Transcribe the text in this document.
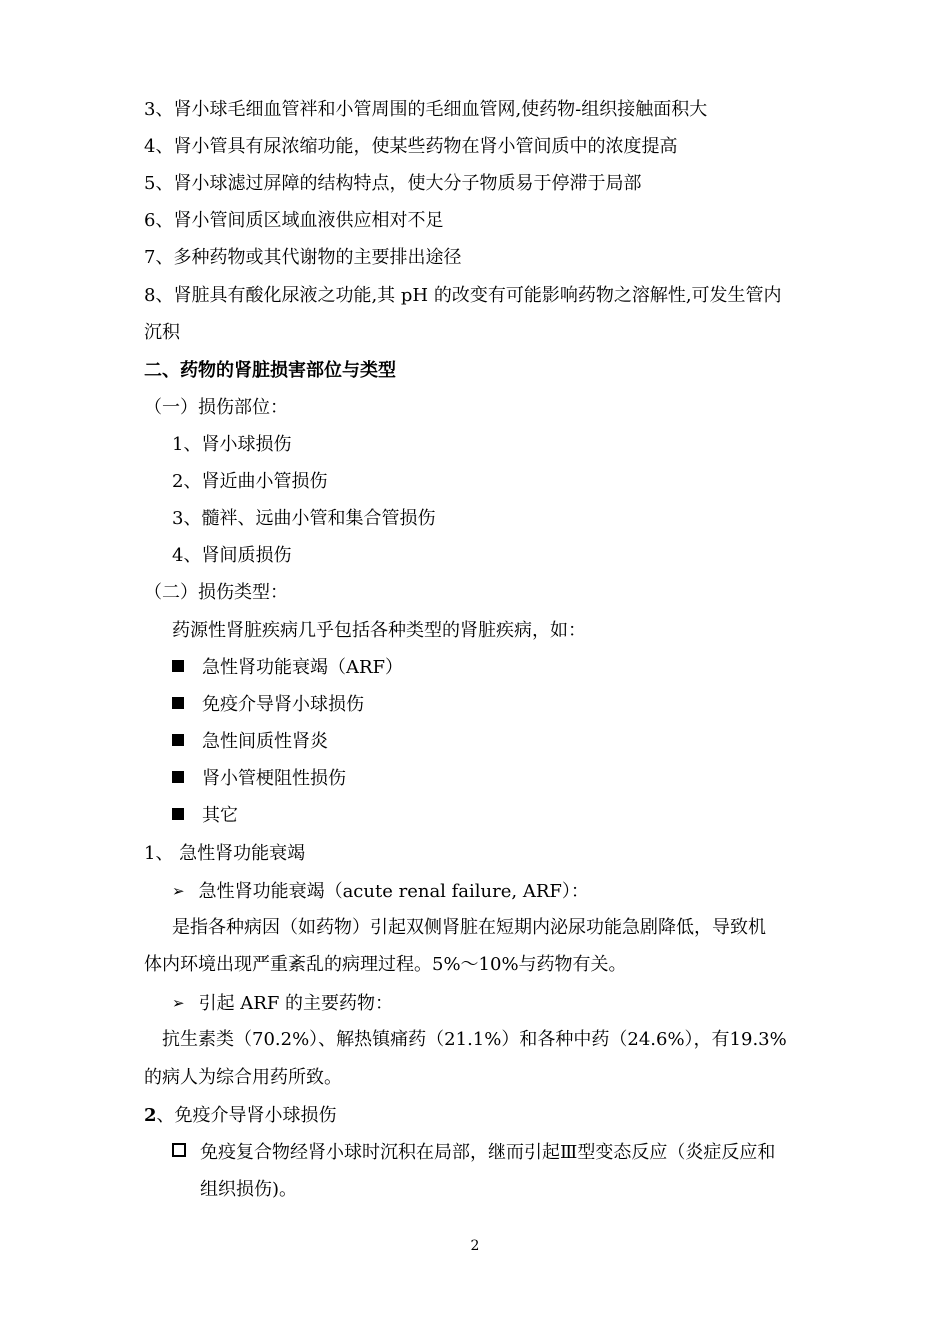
3、肾小球毛细血管袢和小管周围的毛细血管网,使药物-组织接触面积大
4、肾小管具有尿浓缩功能，使某些药物在肾小管间质中的浓度提高
5、肾小球滤过屏障的结构特点，使大分子物质易于停滞于局部
6、肾小管间质区域血液供应相对不足
7、多种药物或其代谢物的主要排出途径
8、肾脏具有酸化尿液之功能,其 pH 的改变有可能影响药物之溶解性,可发生管内
沉积
二、药物的肾脏损害部位与类型
（一）损伤部位：
1、肾小球损伤
2、肾近曲小管损伤
3、髓袢、远曲小管和集合管损伤
4、肾间质损伤
（二）损伤类型：
药源性肾脏疾病几乎包括各种类型的肾脏疾病，如：
急性肾功能衰竭（ARF）
免疫介导肾小球损伤
急性间质性肾炎
肾小管梗阻性损伤
其它
1、 急性肾功能衰竭
➢ 急性肾功能衰竭（acute renal failure, ARF）：
是指各种病因（如药物）引起双侧肾脏在短期内泌尿功能急剧降低，导致机
体内环境出现严重紊乱的病理过程。5%～10%与药物有关。
➢ 引起 ARF 的主要药物：
抗生素类（70.2%）、解热镇痛药（21.1%）和各种中药（24.6%），有19.3%
的病人为综合用药所致。
2、免疫介导肾小球损伤
免疫复合物经肾小球时沉积在局部，继而引起Ⅲ型变态反应（炎症反应和
组织损伤)。
2
